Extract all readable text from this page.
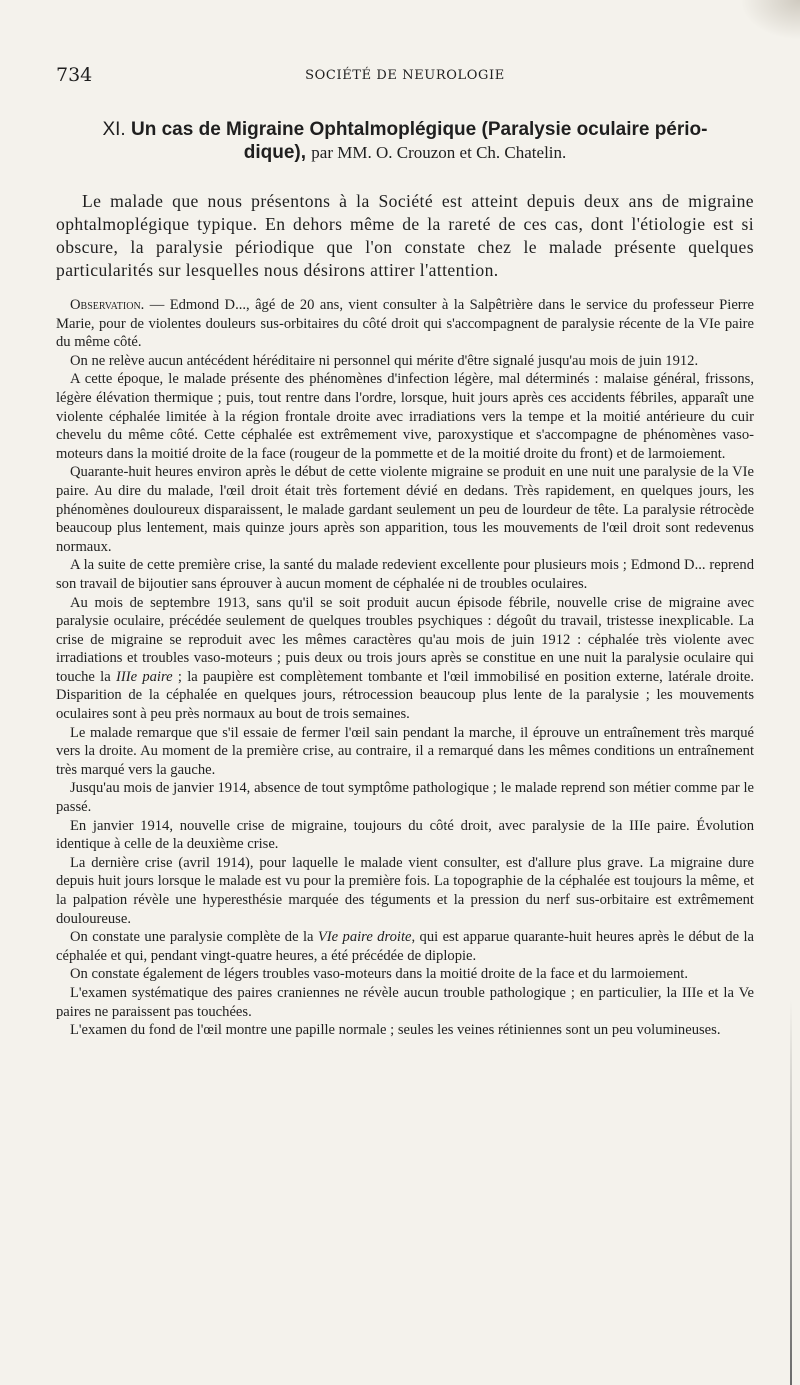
734	SOCIÉTÉ DE NEUROLOGIE
XI. Un cas de Migraine Ophtalmoplégique (Paralysie oculaire pério-
dique), par MM. O. Crouzon et Ch. Chatelin.

Le malade que nous présentons à la Société est atteint depuis deux ans de migraine ophtalmoplégique typique. En dehors même de la rareté de ces cas, dont l'étiologie est si obscure, la paralysie périodique que l'on constate chez le malade présente quelques particularités sur lesquelles nous désirons attirer l'attention.

Observation. — Edmond D..., âgé de 20 ans, vient consulter à la Salpêtrière dans le service du professeur Pierre Marie, pour de violentes douleurs sus-orbitaires du côté droit qui s'accompagnent de paralysie récente de la VIe paire du même côté.

On ne relève aucun antécédent héréditaire ni personnel qui mérite d'être signalé jusqu'au mois de juin 1912.

A cette époque, le malade présente des phénomènes d'infection légère, mal déterminés : malaise général, frissons, légère élévation thermique ; puis, tout rentre dans l'ordre, lorsque, huit jours après ces accidents fébriles, apparaît une violente céphalée limitée à la région frontale droite avec irradiations vers la tempe et la moitié antérieure du cuir chevelu du même côté. Cette céphalée est extrêmement vive, paroxystique et s'accompagne de phénomènes vaso-moteurs dans la moitié droite de la face (rougeur de la pommette et de la moitié droite du front) et de larmoiement.

Quarante-huit heures environ après le début de cette violente migraine se produit en une nuit une paralysie de la VIe paire. Au dire du malade, l'œil droit était très fortement dévié en dedans. Très rapidement, en quelques jours, les phénomènes douloureux disparaissent, le malade gardant seulement un peu de lourdeur de tête. La paralysie rétrocède beaucoup plus lentement, mais quinze jours après son apparition, tous les mouvements de l'œil droit sont redevenus normaux.

A la suite de cette première crise, la santé du malade redevient excellente pour plusieurs mois ; Edmond D... reprend son travail de bijoutier sans éprouver à aucun moment de céphalée ni de troubles oculaires.

Au mois de septembre 1913, sans qu'il se soit produit aucun épisode fébrile, nouvelle crise de migraine avec paralysie oculaire, précédée seulement de quelques troubles psychiques : dégoût du travail, tristesse inexplicable. La crise de migraine se reproduit avec les mêmes caractères qu'au mois de juin 1912 : céphalée très violente avec irradiations et troubles vaso-moteurs ; puis deux ou trois jours après se constitue en une nuit la paralysie oculaire qui touche la IIIe paire ; la paupière est complètement tombante et l'œil immobilisé en position externe, latérale droite. Disparition de la céphalée en quelques jours, rétrocession beaucoup plus lente de la paralysie ; les mouvements oculaires sont à peu près normaux au bout de trois semaines.

Le malade remarque que s'il essaie de fermer l'œil sain pendant la marche, il éprouve un entraînement très marqué vers la droite. Au moment de la première crise, au contraire, il a remarqué dans les mêmes conditions un entraînement très marqué vers la gauche.

Jusqu'au mois de janvier 1914, absence de tout symptôme pathologique ; le malade reprend son métier comme par le passé.

En janvier 1914, nouvelle crise de migraine, toujours du côté droit, avec paralysie de la IIIe paire. Évolution identique à celle de la deuxième crise.

La dernière crise (avril 1914), pour laquelle le malade vient consulter, est d'allure plus grave. La migraine dure depuis huit jours lorsque le malade est vu pour la première fois. La topographie de la céphalée est toujours la même, et la palpation révèle une hyperesthésie marquée des téguments et la pression du nerf sus-orbitaire est extrêmement douloureuse.

On constate une paralysie complète de la VIe paire droite, qui est apparue quarante-huit heures après le début de la céphalée et qui, pendant vingt-quatre heures, a été précédée de diplopie.

On constate également de légers troubles vaso-moteurs dans la moitié droite de la face et du larmoiement.

L'examen systématique des paires craniennes ne révèle aucun trouble pathologique ; en particulier, la IIIe et la Ve paires ne paraissent pas touchées.

L'examen du fond de l'œil montre une papille normale ; seules les veines rétiniennes sont un peu volumineuses.
